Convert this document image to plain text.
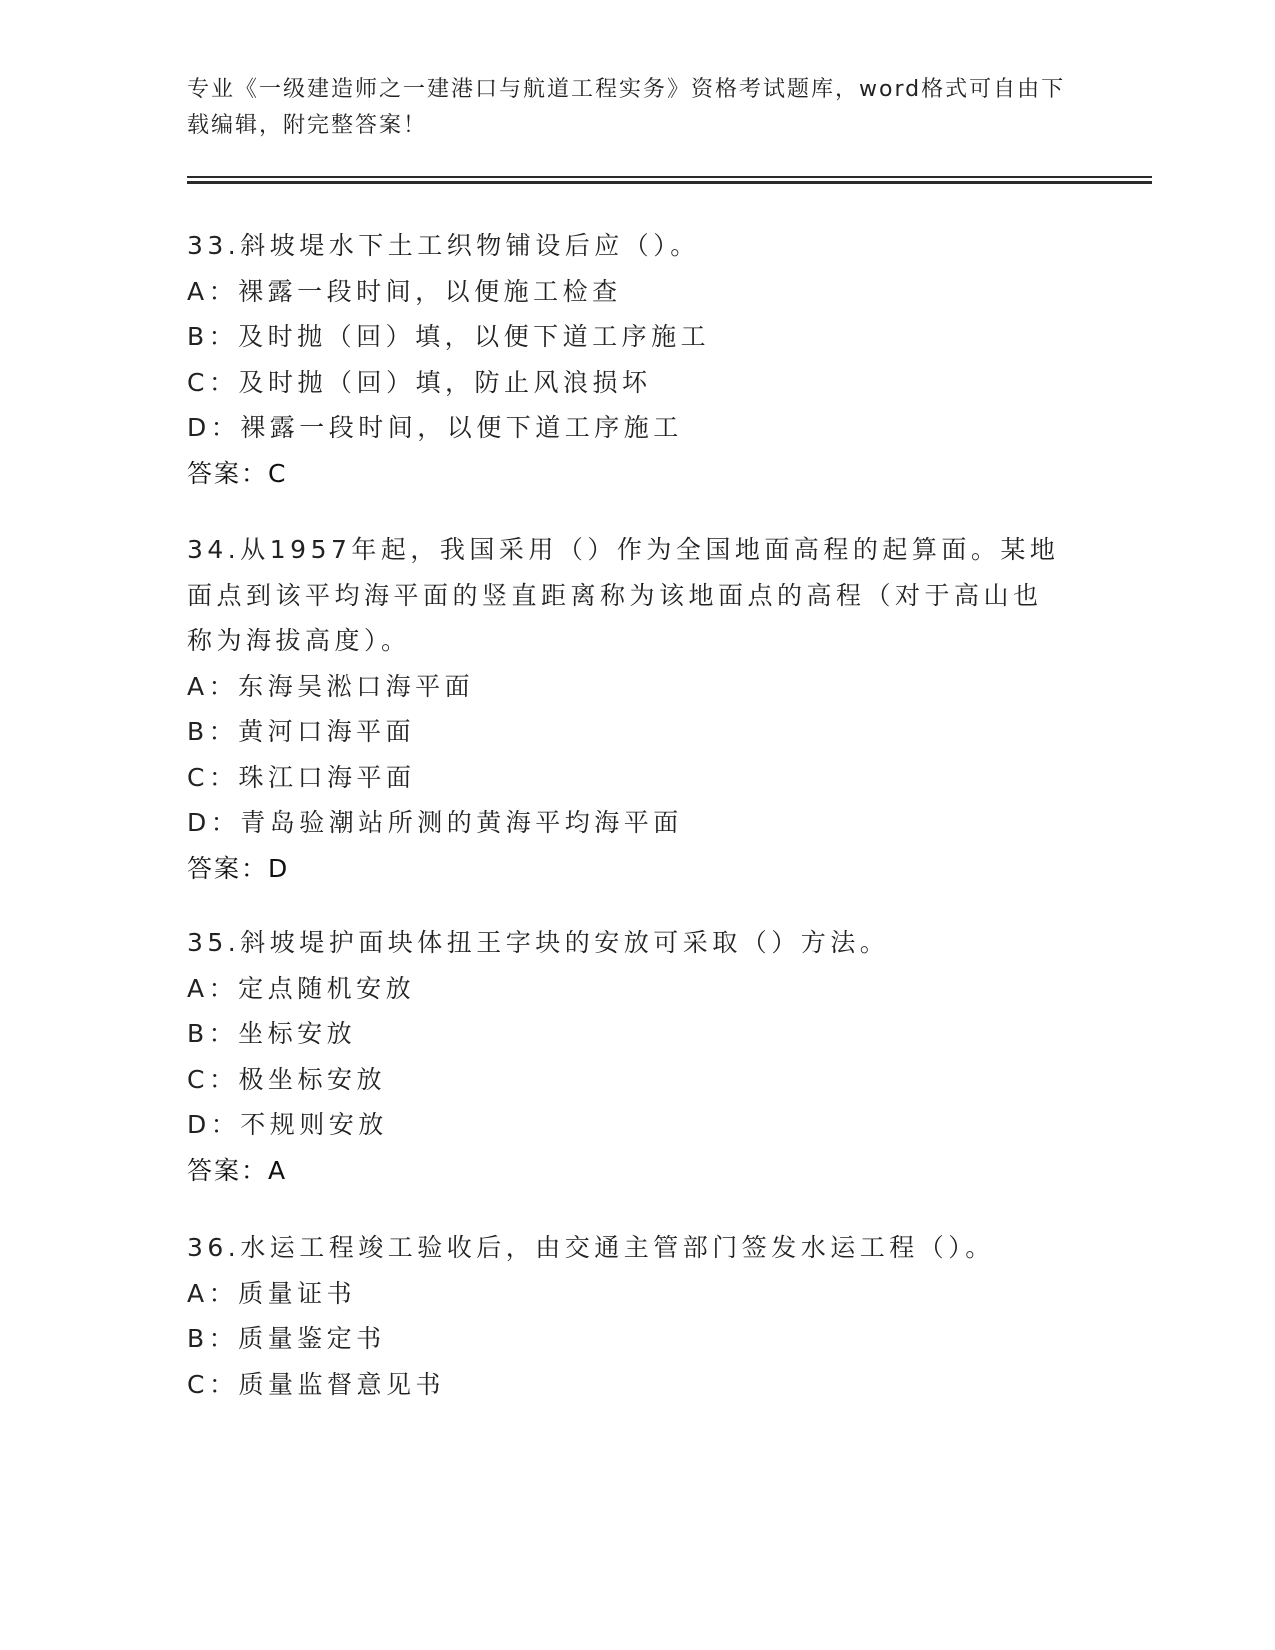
专业《一级建造师之一建港口与航道工程实务》资格考试题库，word格式可自由下载编辑，附完整答案！
33.斜坡堤水下土工织物铺设后应（）。
A：裸露一段时间，以便施工检查
B：及时抛（回）填，以便下道工序施工
C：及时抛（回）填，防止风浪损坏
D：裸露一段时间，以便下道工序施工
答案：C
34.从1957年起，我国采用（）作为全国地面高程的起算面。某地面点到该平均海平面的竖直距离称为该地面点的高程（对于高山也称为海拔高度）。
A：东海吴淞口海平面
B：黄河口海平面
C：珠江口海平面
D：青岛验潮站所测的黄海平均海平面
答案：D
35.斜坡堤护面块体扭王字块的安放可采取（）方法。
A：定点随机安放
B：坐标安放
C：极坐标安放
D：不规则安放
答案：A
36.水运工程竣工验收后，由交通主管部门签发水运工程（）。
A：质量证书
B：质量鉴定书
C：质量监督意见书
